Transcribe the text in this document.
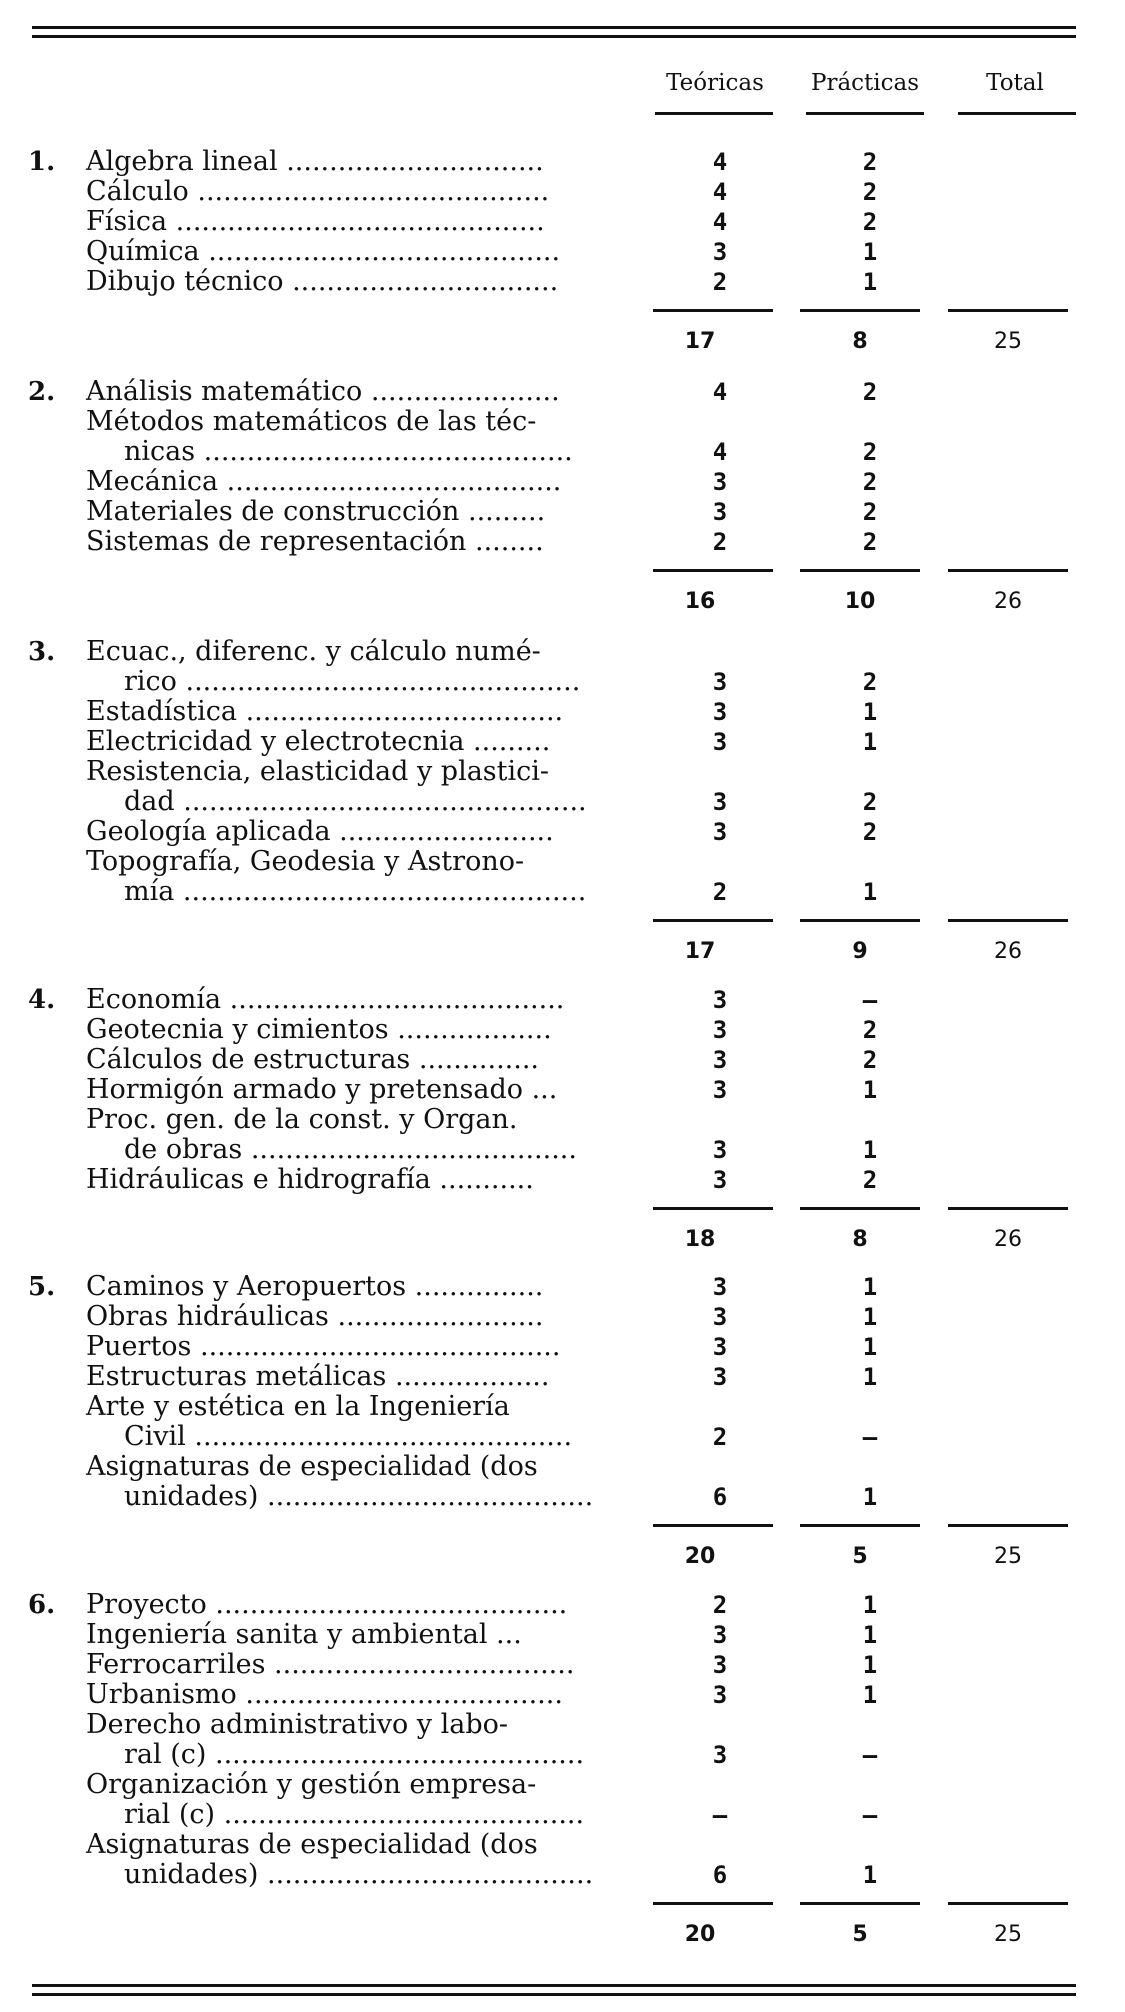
Teóricas	Prácticas	Total
1. Algebra lineal ..............................	4	2
Cálculo .........................................	4	2
Física ...........................................	4	2
Química .........................................	3	1
Dibujo técnico ...............................	2	1
17	8	25
2. Análisis matemático ......................	4	2
Métodos matemáticos de las téc-
nicas ...........................................	4	2
Mecánica .......................................	3	2
Materiales de construcción .........	3	2
Sistemas de representación ........	2	2
16	10	26
3. Ecuac., diferenc. y cálculo numé-
rico ..............................................	3	2
Estadística .....................................	3	1
Electricidad y electrotecnia .........	3	1
Resistencia, elasticidad y plastici-
dad ...............................................	3	2
Geología aplicada .........................	3	2
Topografía, Geodesia y Astrono-
mía ...............................................	2	1
17	9	26
4. Economía .......................................	3	—
Geotecnia y cimientos ..................	3	2
Cálculos de estructuras ..............	3	2
Hormigón armado y pretensado ...	3	1
Proc. gen. de la const. y Organ.
de obras ......................................	3	1
Hidráulicas e hidrografía ...........	3	2
18	8	26
5. Caminos y Aeropuertos ...............	3	1
Obras hidráulicas ........................	3	1
Puertos ..........................................	3	1
Estructuras metálicas ..................	3	1
Arte y estética en la Ingeniería
Civil ............................................	2	—
Asignaturas de especialidad (dos
unidades) ......................................	6	1
20	5	25
6. Proyecto .........................................	2	1
Ingeniería sanita y ambiental ...	3	1
Ferrocarriles ...................................	3	1
Urbanismo .....................................	3	1
Derecho administrativo y labo-
ral (c) ...........................................	3	—
Organización y gestión empresa-
rial (c) ..........................................	—	—
Asignaturas de especialidad (dos
unidades) ......................................	6	1
20	5	25
